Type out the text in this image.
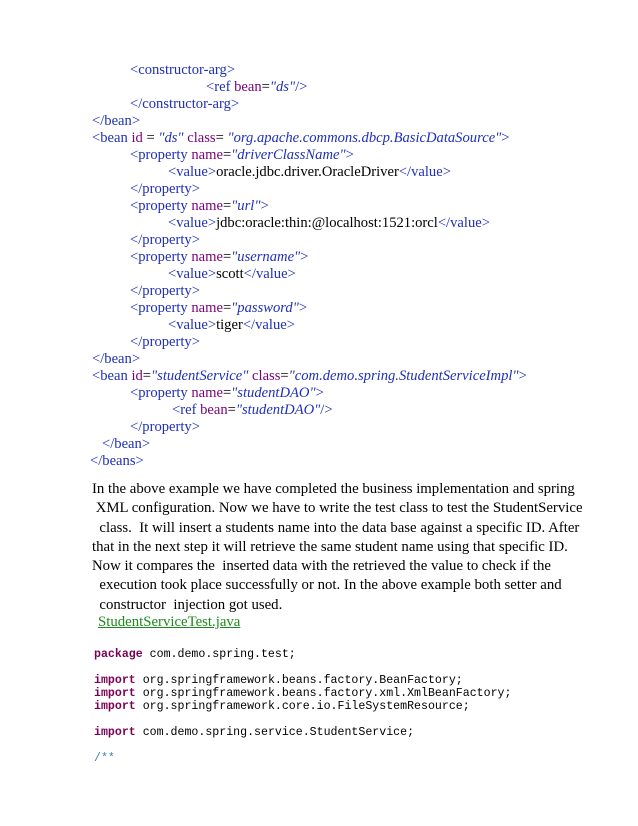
<constructor-arg>
<ref bean="ds"/>
</constructor-arg>
</bean>
<bean id = "ds" class= "org.apache.commons.dbcp.BasicDataSource">
<property name="driverClassName">
<value>oracle.jdbc.driver.OracleDriver</value>
</property>
<property name="url">
<value>jdbc:oracle:thin:@localhost:1521:orcl</value>
</property>
<property name="username">
<value>scott</value>
</property>
<property name="password">
<value>tiger</value>
</property>
</bean>
<bean id="studentService" class="com.demo.spring.StudentServiceImpl">
<property name="studentDAO">
<ref bean="studentDAO"/>
</property>
</bean>
</beans>
In the above example we have completed the business implementation and spring
XML configuration. Now we have to write the test class to test the StudentService
class.  It will insert a students name into the data base against a specific ID. After
that in the next step it will retrieve the same student name using that specific ID.
Now it compares the  inserted data with the retrieved the value to check if the
execution took place successfully or not. In the above example both setter and
constructor  injection got used.
StudentServiceTest.java
package com.demo.spring.test;
import org.springframework.beans.factory.BeanFactory;
import org.springframework.beans.factory.xml.XmlBeanFactory;
import org.springframework.core.io.FileSystemResource;
import com.demo.spring.service.StudentService;
/**
